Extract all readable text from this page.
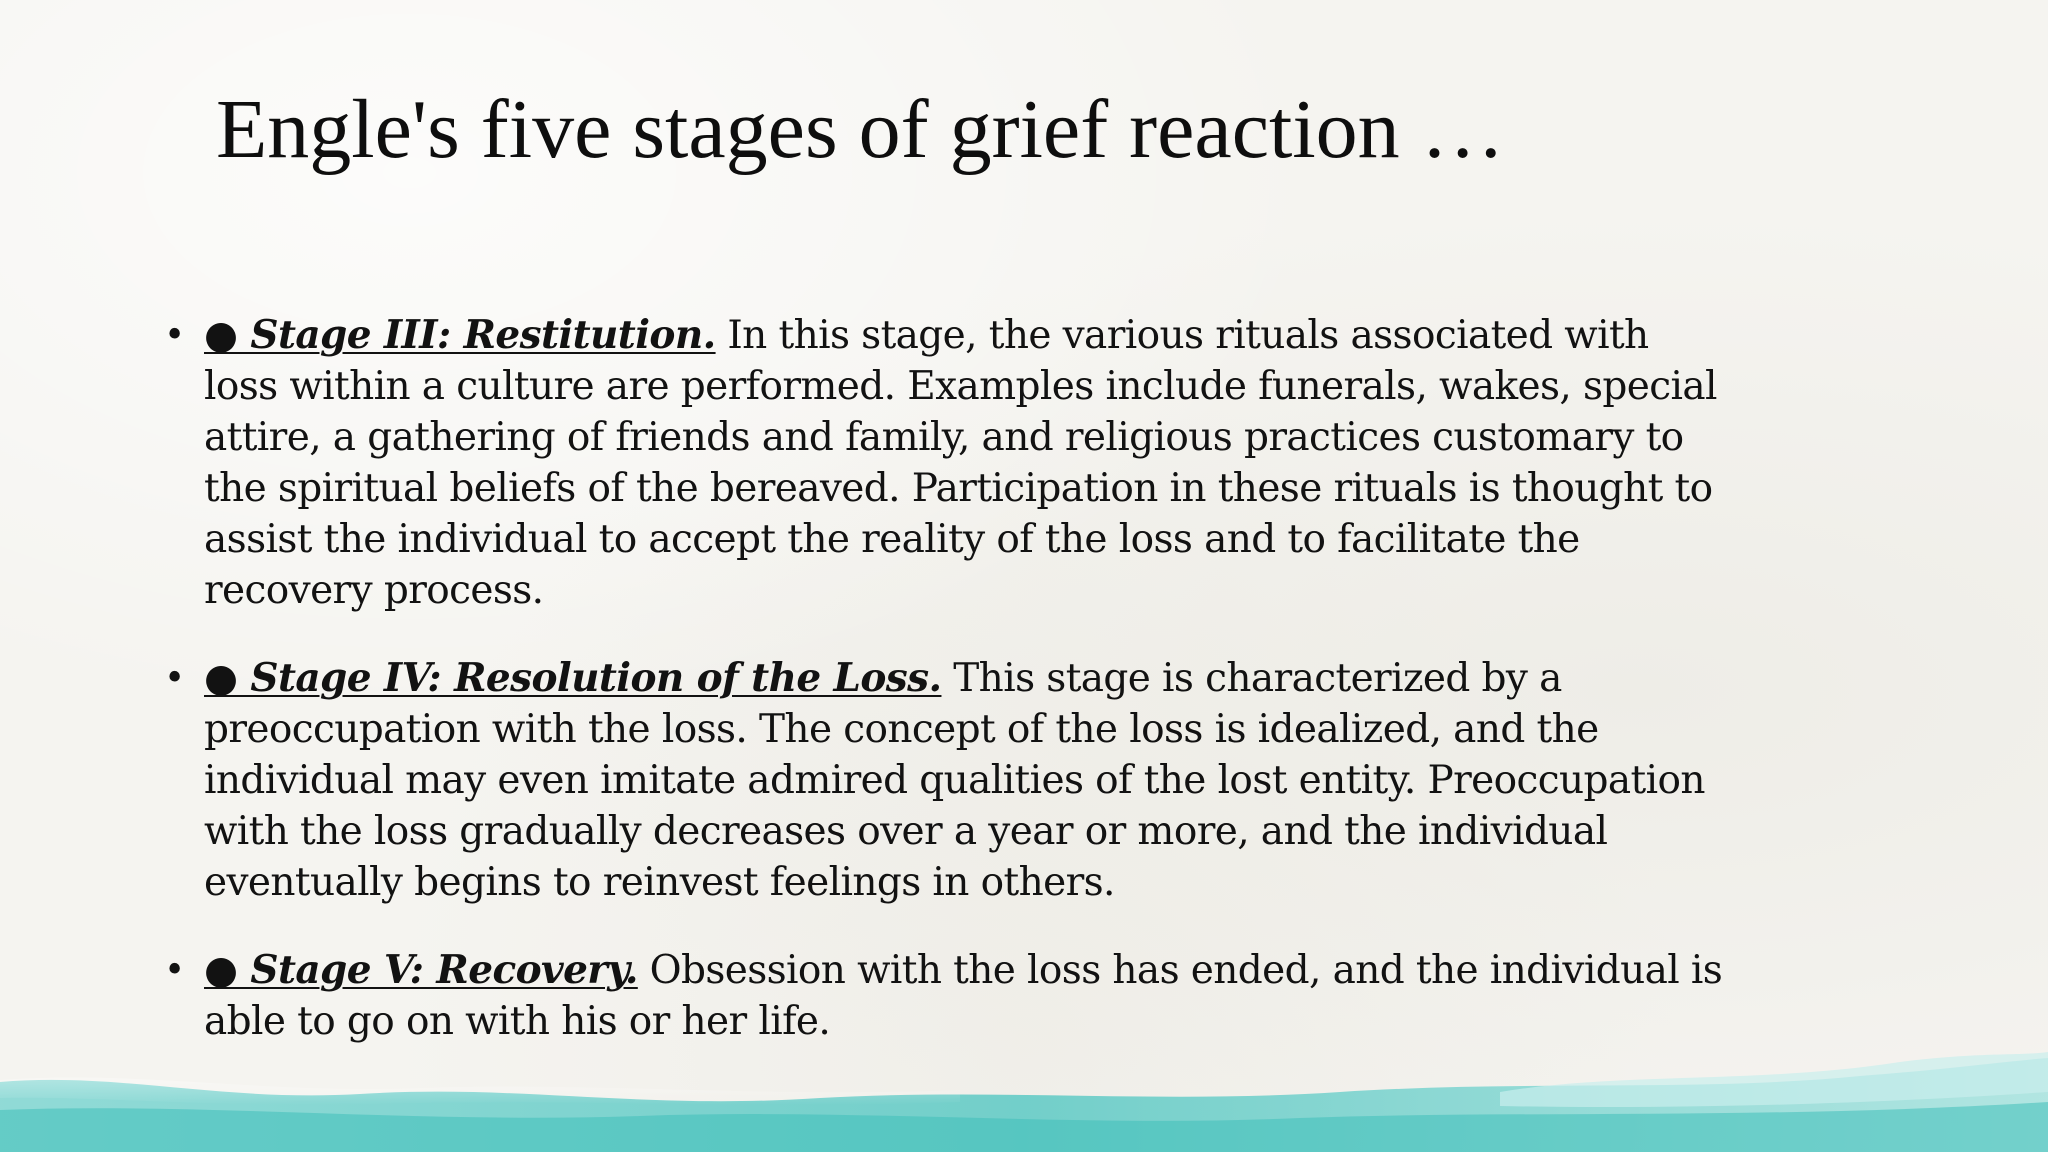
Engle's five stages of grief reaction …
• ● Stage III: Restitution. In this stage, the various rituals associated with loss within a culture are performed. Examples include funerals, wakes, special attire, a gathering of friends and family, and religious practices customary to the spiritual beliefs of the bereaved. Participation in these rituals is thought to assist the individual to accept the reality of the loss and to facilitate the recovery process.
• ● Stage IV: Resolution of the Loss. This stage is characterized by a preoccupation with the loss. The concept of the loss is idealized, and the individual may even imitate admired qualities of the lost entity. Preoccupation with the loss gradually decreases over a year or more, and the individual eventually begins to reinvest feelings in others.
• ● Stage V: Recovery. Obsession with the loss has ended, and the individual is able to go on with his or her life.
